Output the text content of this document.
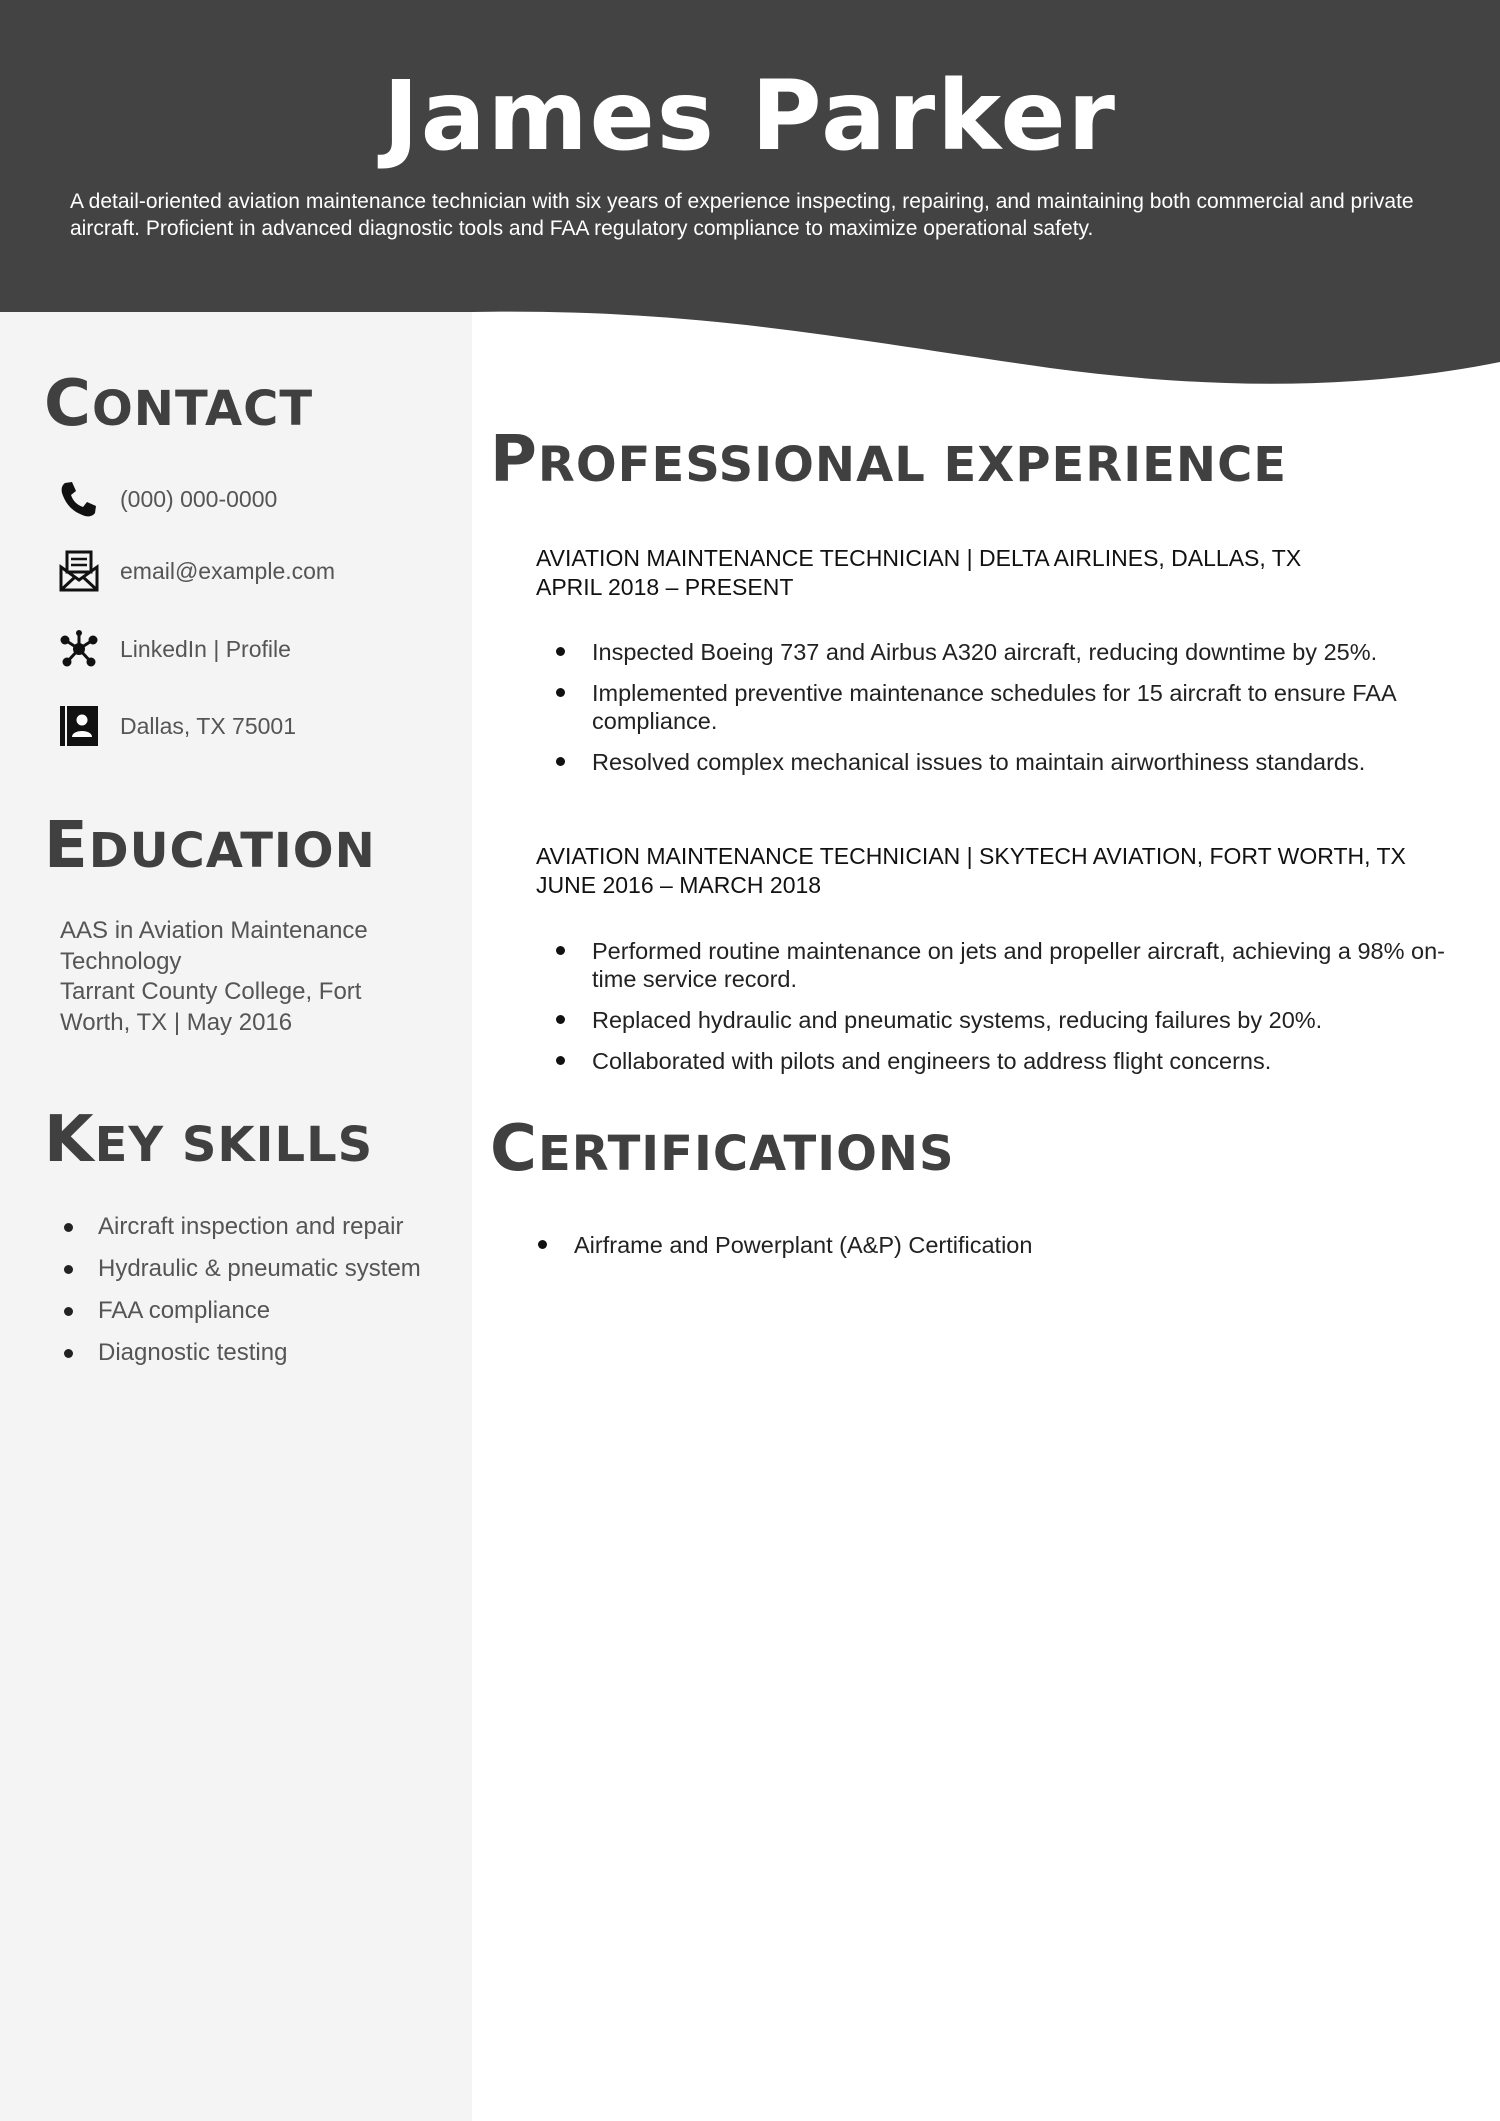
James Parker
A detail-oriented aviation maintenance technician with six years of experience inspecting, repairing, and maintaining both commercial and private aircraft. Proficient in advanced diagnostic tools and FAA regulatory compliance to maximize operational safety.
CONTACT
(000) 000-0000
email@example.com
LinkedIn | Profile
Dallas, TX 75001
EDUCATION
AAS in Aviation Maintenance Technology
Tarrant County College, Fort Worth, TX | May 2016
KEY SKILLS
Aircraft inspection and repair
Hydraulic & pneumatic system
FAA compliance
Diagnostic testing
PROFESSIONAL EXPERIENCE
AVIATION MAINTENANCE TECHNICIAN | DELTA AIRLINES, DALLAS, TX
APRIL 2018 – PRESENT
Inspected Boeing 737 and Airbus A320 aircraft, reducing downtime by 25%.
Implemented preventive maintenance schedules for 15 aircraft to ensure FAA compliance.
Resolved complex mechanical issues to maintain airworthiness standards.
AVIATION MAINTENANCE TECHNICIAN | SKYTECH AVIATION, FORT WORTH, TX
JUNE 2016 – MARCH 2018
Performed routine maintenance on jets and propeller aircraft, achieving a 98% on-time service record.
Replaced hydraulic and pneumatic systems, reducing failures by 20%.
Collaborated with pilots and engineers to address flight concerns.
CERTIFICATIONS
Airframe and Powerplant (A&P) Certification
